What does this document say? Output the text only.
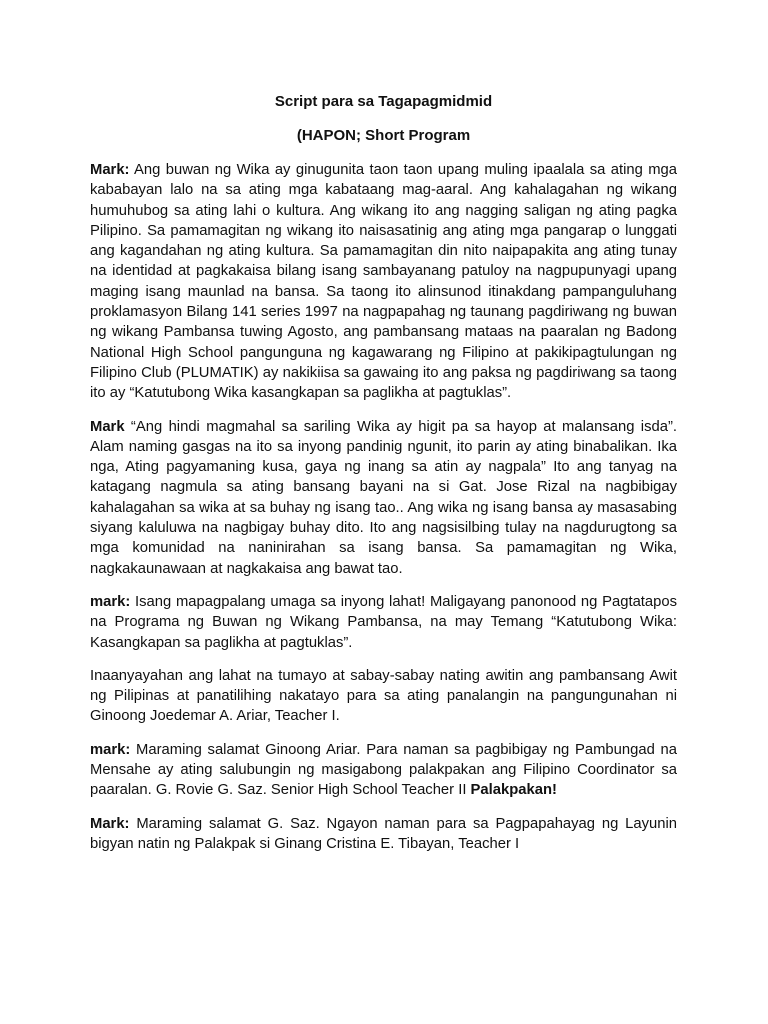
Script para sa Tagapagmidmid

(HAPON; Short Program

Mark: Ang buwan ng Wika ay ginugunita taon taon upang muling ipaalala sa ating mga kababayan lalo na sa ating mga kabataang mag-aaral. Ang kahalagahan ng wikang humuhubog sa ating lahi o kultura. Ang wikang ito ang nagging saligan ng ating pagka Pilipino. Sa pamamagitan ng wikang ito naisasatinig ang ating mga pangarap o lunggati ang kagandahan ng ating kultura. Sa pamamagitan din nito naipapakita ang ating tunay na identidad at pagkakaisa bilang isang sambayanang patuloy na nagpupunyagi upang maging isang maunlad na bansa. Sa taong ito alinsunod itinakdang pampanguluhang proklamasyon Bilang 141 series 1997 na nagpapahag ng taunang pagdiriwang ng buwan ng wikang Pambansa tuwing Agosto, ang pambansang mataas na paaralan ng Badong National High School pangunguna ng kagawarang ng Filipino at pakikipagtulungan ng Filipino Club (PLUMATIK) ay nakikiisa sa gawaing ito ang paksa ng pagdiriwang sa taong ito ay “Katutubong Wika kasangkapan sa paglikha at pagtuklas”.

Mark “Ang hindi magmahal sa sariling Wika ay higit pa sa hayop at malansang isda”. Alam naming gasgas na ito sa inyong pandinig ngunit, ito parin ay ating binabalikan. Ika nga, Ating pagyamaning kusa, gaya ng inang sa atin ay nagpala” Ito ang tanyag na katagang nagmula sa ating bansang bayani na si Gat. Jose Rizal na nagbibigay kahalagahan sa wika at sa buhay ng isang tao.. Ang wika ng isang bansa ay masasabing siyang kaluluwa na nagbigay buhay dito. Ito ang nagsisilbing tulay na nagdurugtong sa mga komunidad na naninirahan sa isang bansa. Sa pamamagitan ng Wika, nagkakaunawaan at nagkakaisa ang bawat tao.

mark: Isang mapagpalang umaga sa inyong lahat! Maligayang panonood ng Pagtatapos na Programa ng Buwan ng Wikang Pambansa, na may Temang “Katutubong Wika: Kasangkapan sa paglikha at pagtuklas”.

Inaanyayahan ang lahat na tumayo at sabay-sabay nating awitin ang pambansang Awit ng Pilipinas at panatilihing nakatayo para sa ating panalangin na pangungunahan ni Ginoong Joedemar A. Ariar, Teacher I.

mark: Maraming salamat Ginoong Ariar. Para naman sa pagbibigay ng Pambungad na Mensahe ay ating salubungin ng masigabong palakpakan ang Filipino Coordinator sa paaralan. G. Rovie G. Saz. Senior High School Teacher II Palakpakan!

Mark: Maraming salamat G. Saz. Ngayon naman para sa Pagpapahayag ng Layunin bigyan natin ng Palakpak si Ginang Cristina E. Tibayan, Teacher I
